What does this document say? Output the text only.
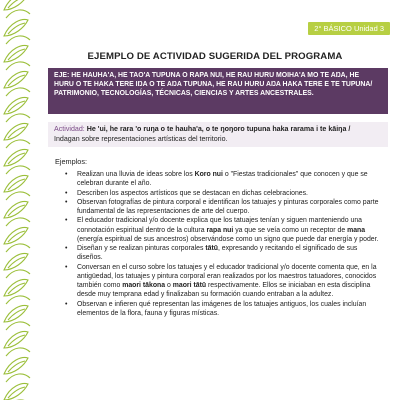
2° BÁSICO Unidad 3
EJEMPLO DE ACTIVIDAD SUGERIDA DEL PROGRAMA
EJE: HE HAUHA'A, HE TAO'A TUPUNA O RAPA NUI, HE RAU HURU MOIHA'A MO TE AŊA, HE
HURU O TE HAKA TERE IŊA O TE AŊA TUPUNA, HE RAU HURU AŊA HAKA TERE E TE TUPUNA/
PATRIMONIO, TECNOLOGÍAS, TÉCNICAS, CIENCIAS Y ARTES ANCESTRALES.
Actividad: He 'ui, he rara 'o ruŋa o te hauha'a, o te ŋoŋoro tupuna haka rarama i te kāiŋa /
Indagan sobre representaciones artísticas del territorio.
Ejemplos:
• Realizan una lluvia de ideas sobre los Koro nui o "Fiestas tradicionales" que conocen y que se celebran durante el año.
• Describen los aspectos artísticos que se destacan en dichas celebraciones.
• Observan fotografías de pintura corporal e identifican los tatuajes y pinturas corporales como parte fundamental de las representaciones de arte del cuerpo.
• El educador tradicional y/o docente explica que los tatuajes tenían y siguen manteniendo una connotación espiritual dentro de la cultura rapa nui ya que se veía como un receptor de mana (energía espiritual de sus ancestros) observándose como un signo que puede dar energía y poder.
• Diseñan y se realizan pinturas corporales tātū, expresando y recitando el significado de sus diseños.
• Conversan en el curso sobre los tatuajes y el educador tradicional y/o docente comenta que, en la antigüedad, los tatuajes y pintura corporal eran realizados por los maestros tatuadores, conocidos también como maori tākona o maori tātū respectivamente. Ellos se iniciaban en esta disciplina desde muy temprana edad y finalizaban su formación cuando entraban a la adultez.
• Observan e infieren qué representan las imágenes de los tatuajes antiguos, los cuales incluían elementos de la flora, fauna y figuras místicas.
